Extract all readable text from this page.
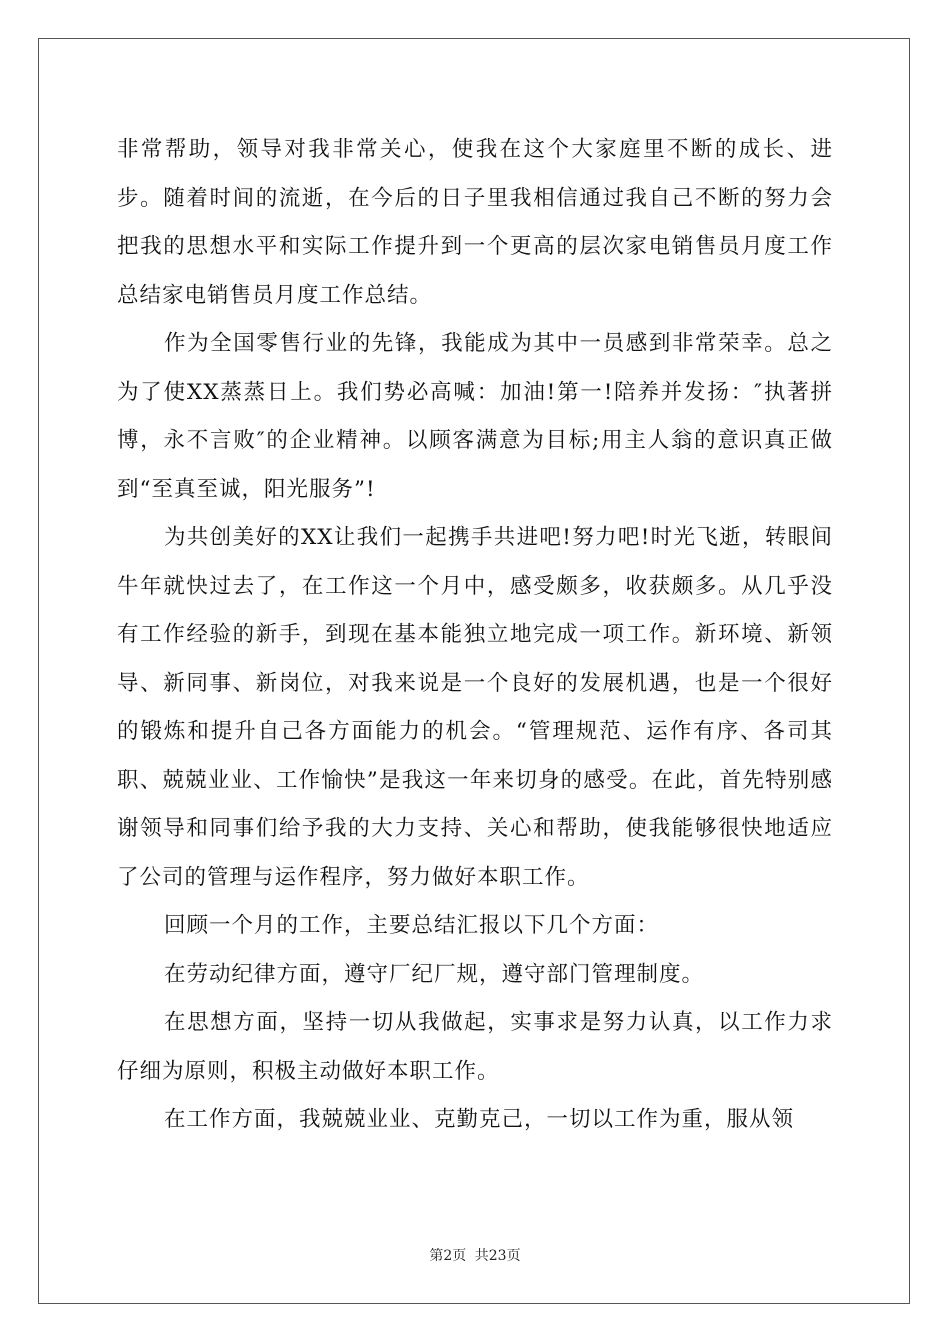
非常帮助，领导对我非常关心，使我在这个大家庭里不断的成长、进步。随着时间的流逝，在今后的日子里我相信通过我自己不断的努力会把我的思想水平和实际工作提升到一个更高的层次家电销售员月度工作总结家电销售员月度工作总结。

作为全国零售行业的先锋，我能成为其中一员感到非常荣幸。总之为了使XX蒸蒸日上。我们势必高喊：加油!第一!陪养并发扬：″执著拼博，永不言败″的企业精神。以顾客满意为目标;用主人翁的意识真正做到“至真至诚，阳光服务”!

为共创美好的XX让我们一起携手共进吧!努力吧!时光飞逝，转眼间牛年就快过去了，在工作这一个月中，感受颇多，收获颇多。从几乎没有工作经验的新手，到现在基本能独立地完成一项工作。新环境、新领导、新同事、新岗位，对我来说是一个良好的发展机遇，也是一个很好的锻炼和提升自己各方面能力的机会。“管理规范、运作有序、各司其职、兢兢业业、工作愉快”是我这一年来切身的感受。在此，首先特别感谢领导和同事们给予我的大力支持、关心和帮助，使我能够很快地适应了公司的管理与运作程序，努力做好本职工作。

回顾一个月的工作，主要总结汇报以下几个方面：

在劳动纪律方面，遵守厂纪厂规，遵守部门管理制度。

在思想方面，坚持一切从我做起，实事求是努力认真，以工作力求仔细为原则，积极主动做好本职工作。

在工作方面，我兢兢业业、克勤克己，一切以工作为重，服从领

第2页 共23页
